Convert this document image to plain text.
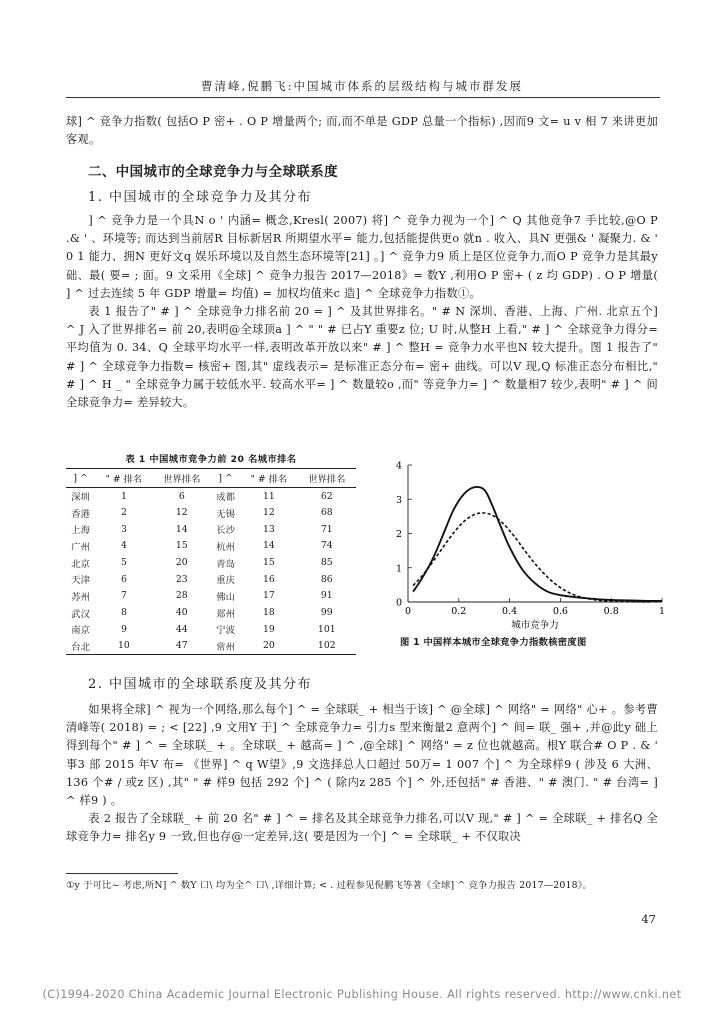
曹清峰,倪鹏飞:中国城市体系的层级结构与城市群发展

球] ^ 竞争力指数( 包括O P 密+ . O P 增量两个; 而,而不单是 GDP 总量一个指标) ,因而9 文= u v 相 7 来讲更加客观。

二、中国城市的全球竞争力与全球联系度
1. 中国城市的全球竞争力及其分布

] ^ 竞争力是一个具N o ' 内涵= 概念,Kresl( 2007) 将] ^ 竞争力视为一个] ^ Q 其他竞争7 手比较,@O P .& ' 、环境等; 而达到当前居R 目标新居R 所期望水平= 能力,包括能提供更o 就n . 收入、具N 更强& ' 凝聚力. & ' 0 1 能力、拥N 更好文q 娱乐环境以及自然生态环境等[21] 。] ^ 竞争力9 质上是区位竞争力,而O P 竞争力是其最y 础、最( 要= ; 面。9 文采用《全球] ^ 竞争力报告 2017—2018》= 数Y ,利用O P 密+ ( z 均 GDP) . O P 增量( ] ^ 过去连续 5 年 GDP 增量= 均值) = 加权均值来c 造] ^ 全球竞争力指数①。

表 1 报告了" # ] ^ 全球竞争力排名前 20 = ] ^ 及其世界排名。" # N 深圳、香港、上海、广州. 北京五个] ^ J 入了世界排名= 前 20,表明@全球顶a ] ^ " " # 已占Y 重要z 位; U 时,从整H 上看," # ] ^ 全球竞争力得分= 平均值为 0. 34、Q 全球平均水平一样,表明改革开放以来" # ] ^ 整H = 竞争力水平也N 较大提升。图 1 报告了" # ] ^ 全球竞争力指数= 核密+ 图,其" 虚线表示= 是标准正态分布= 密+ 曲线。可以V 现,Q 标准正态分布相比," # ] ^ H _ " 全球竞争力属于较低水平. 较高水平= ] ^ 数量较o ,而" 等竞争力= ] ^ 数量相7 较少,表明" # ] ^ 间全球竞争力= 差异较大。

表 1 中国城市竞争力前 20 名城市排名
] ^	" # 排名	世界排名	] ^	" # 排名	世界排名
深圳	1	6	成都	11	62
香港	2	12	无锡	12	68
上海	3	14	长沙	13	71
广州	4	15	杭州	14	74
北京	5	20	青岛	15	85
天津	6	23	重庆	16	86
苏州	7	28	佛山	17	91
武汉	8	40	郑州	18	99
南京	9	44	宁波	19	101
台北	10	47	常州	20	102
0
1
2
3
4
0	0.2	0.4	0.6	0.8	1
城市竞争力
图 1 中国样本城市全球竞争力指数核密度图
2. 中国城市的全球联系度及其分布

如果将全球] ^ 视为一个网络,那么每个] ^ = 全球联_ + 相当于该] ^ @全球] ^ 网络" = 网络" 心+ 。参考曹清峰等( 2018) = ; < [22] ,9 文用Y 于] ^ 全球竞争力= 引力s 型来衡量2 意两个] ^ 间= 联_ 强+ ,并@此y 础上得到每个" # ] ^ = 全球联_ + 。全球联_ + 越高= ] ^ ,@全球] ^ 网络" = z 位也就越高。根Y 联合# O P . & ' 事3 部 2015 年V 布= 《世界] ^ q W望》,9 文选择总人口超过 50万= 1 007 个] ^ 为全球样9 ( 涉及 6 大洲、136 个# / 或z 区) ,其" " # 样9 包括 292 个] ^ ( 除内z 285 个] ^ 外,还包括" # 香港、" # 澳门. " # 台湾= ] ^ 样9 ) 。

表 2 报告了全球联_ + 前 20 名" # ] ^ = 排名及其全球竞争力排名,可以V 现," # ] ^ = 全球联_ + 排名Q 全球竞争力= 排名y 9 一致,但也存@一定差异,这( 要是因为一个] ^ = 全球联_ + 不仅取决

①y 于可比~ 考虑,所N] ^ 数Y 口\ 均为全^ 口\ ,详细计算; < . 过程参见倪鹏飞等著《全球] ^ 竞争力报告 2017—2018》。
47
(C)1994-2020 China Academic Journal Electronic Publishing House. All rights reserved. http://www.cnki.net
